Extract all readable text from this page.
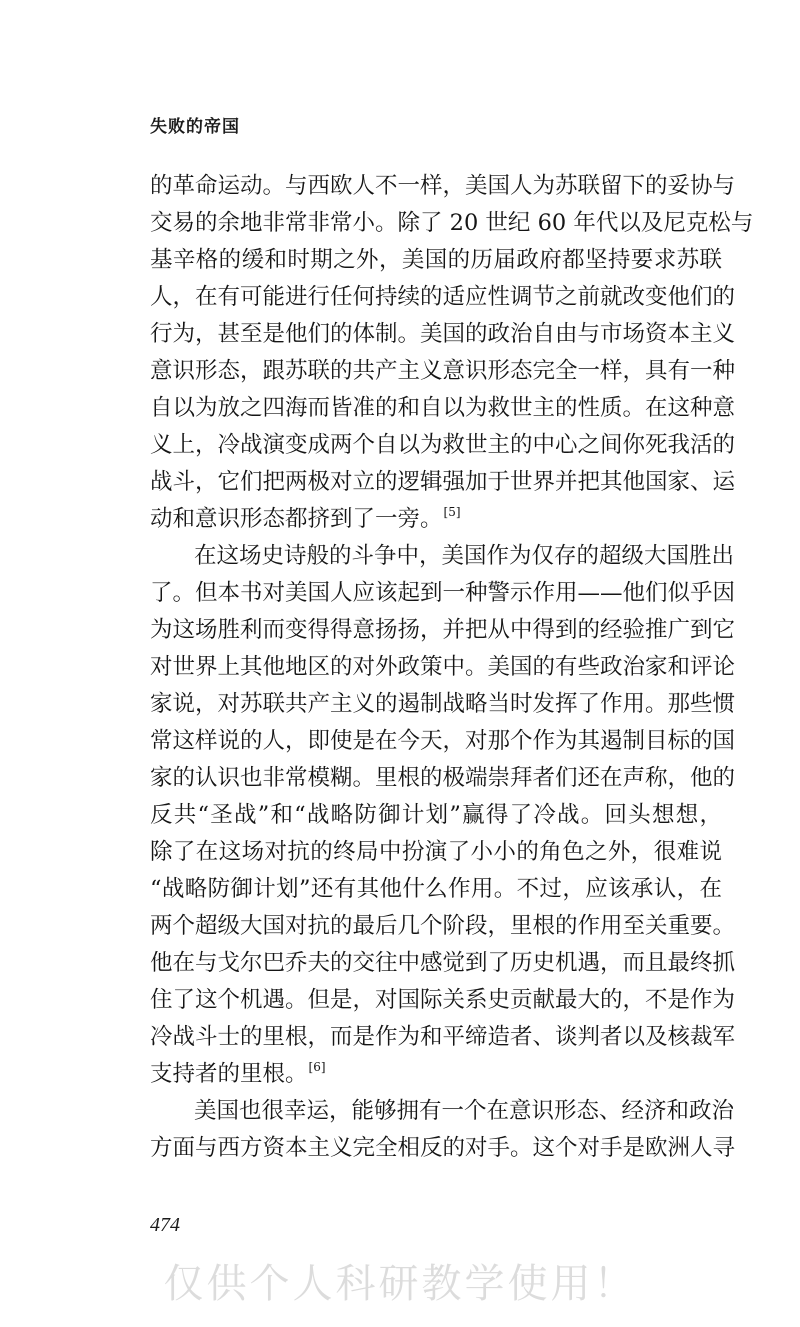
失败的帝国
的革命运动。与西欧人不一样，美国人为苏联留下的妥协与
交易的余地非常非常小。除了 20 世纪 60 年代以及尼克松与
基辛格的缓和时期之外，美国的历届政府都坚持要求苏联
人，在有可能进行任何持续的适应性调节之前就改变他们的
行为，甚至是他们的体制。美国的政治自由与市场资本主义
意识形态，跟苏联的共产主义意识形态完全一样，具有一种
自以为放之四海而皆准的和自以为救世主的性质。在这种意
义上，冷战演变成两个自以为救世主的中心之间你死我活的
战斗，它们把两极对立的逻辑强加于世界并把其他国家、运
动和意识形态都挤到了一旁。[5]
在这场史诗般的斗争中，美国作为仅存的超级大国胜出
了。但本书对美国人应该起到一种警示作用——他们似乎因
为这场胜利而变得得意扬扬，并把从中得到的经验推广到它
对世界上其他地区的对外政策中。美国的有些政治家和评论
家说，对苏联共产主义的遏制战略当时发挥了作用。那些惯
常这样说的人，即使是在今天，对那个作为其遏制目标的国
家的认识也非常模糊。里根的极端崇拜者们还在声称，他的
反共“圣战”和“战略防御计划”赢得了冷战。回头想想，
除了在这场对抗的终局中扮演了小小的角色之外，很难说
“战略防御计划”还有其他什么作用。不过，应该承认，在
两个超级大国对抗的最后几个阶段，里根的作用至关重要。
他在与戈尔巴乔夫的交往中感觉到了历史机遇，而且最终抓
住了这个机遇。但是，对国际关系史贡献最大的，不是作为
冷战斗士的里根，而是作为和平缔造者、谈判者以及核裁军
支持者的里根。[6]
美国也很幸运，能够拥有一个在意识形态、经济和政治
方面与西方资本主义完全相反的对手。这个对手是欧洲人寻
474
仅供个人科研教学使用！
